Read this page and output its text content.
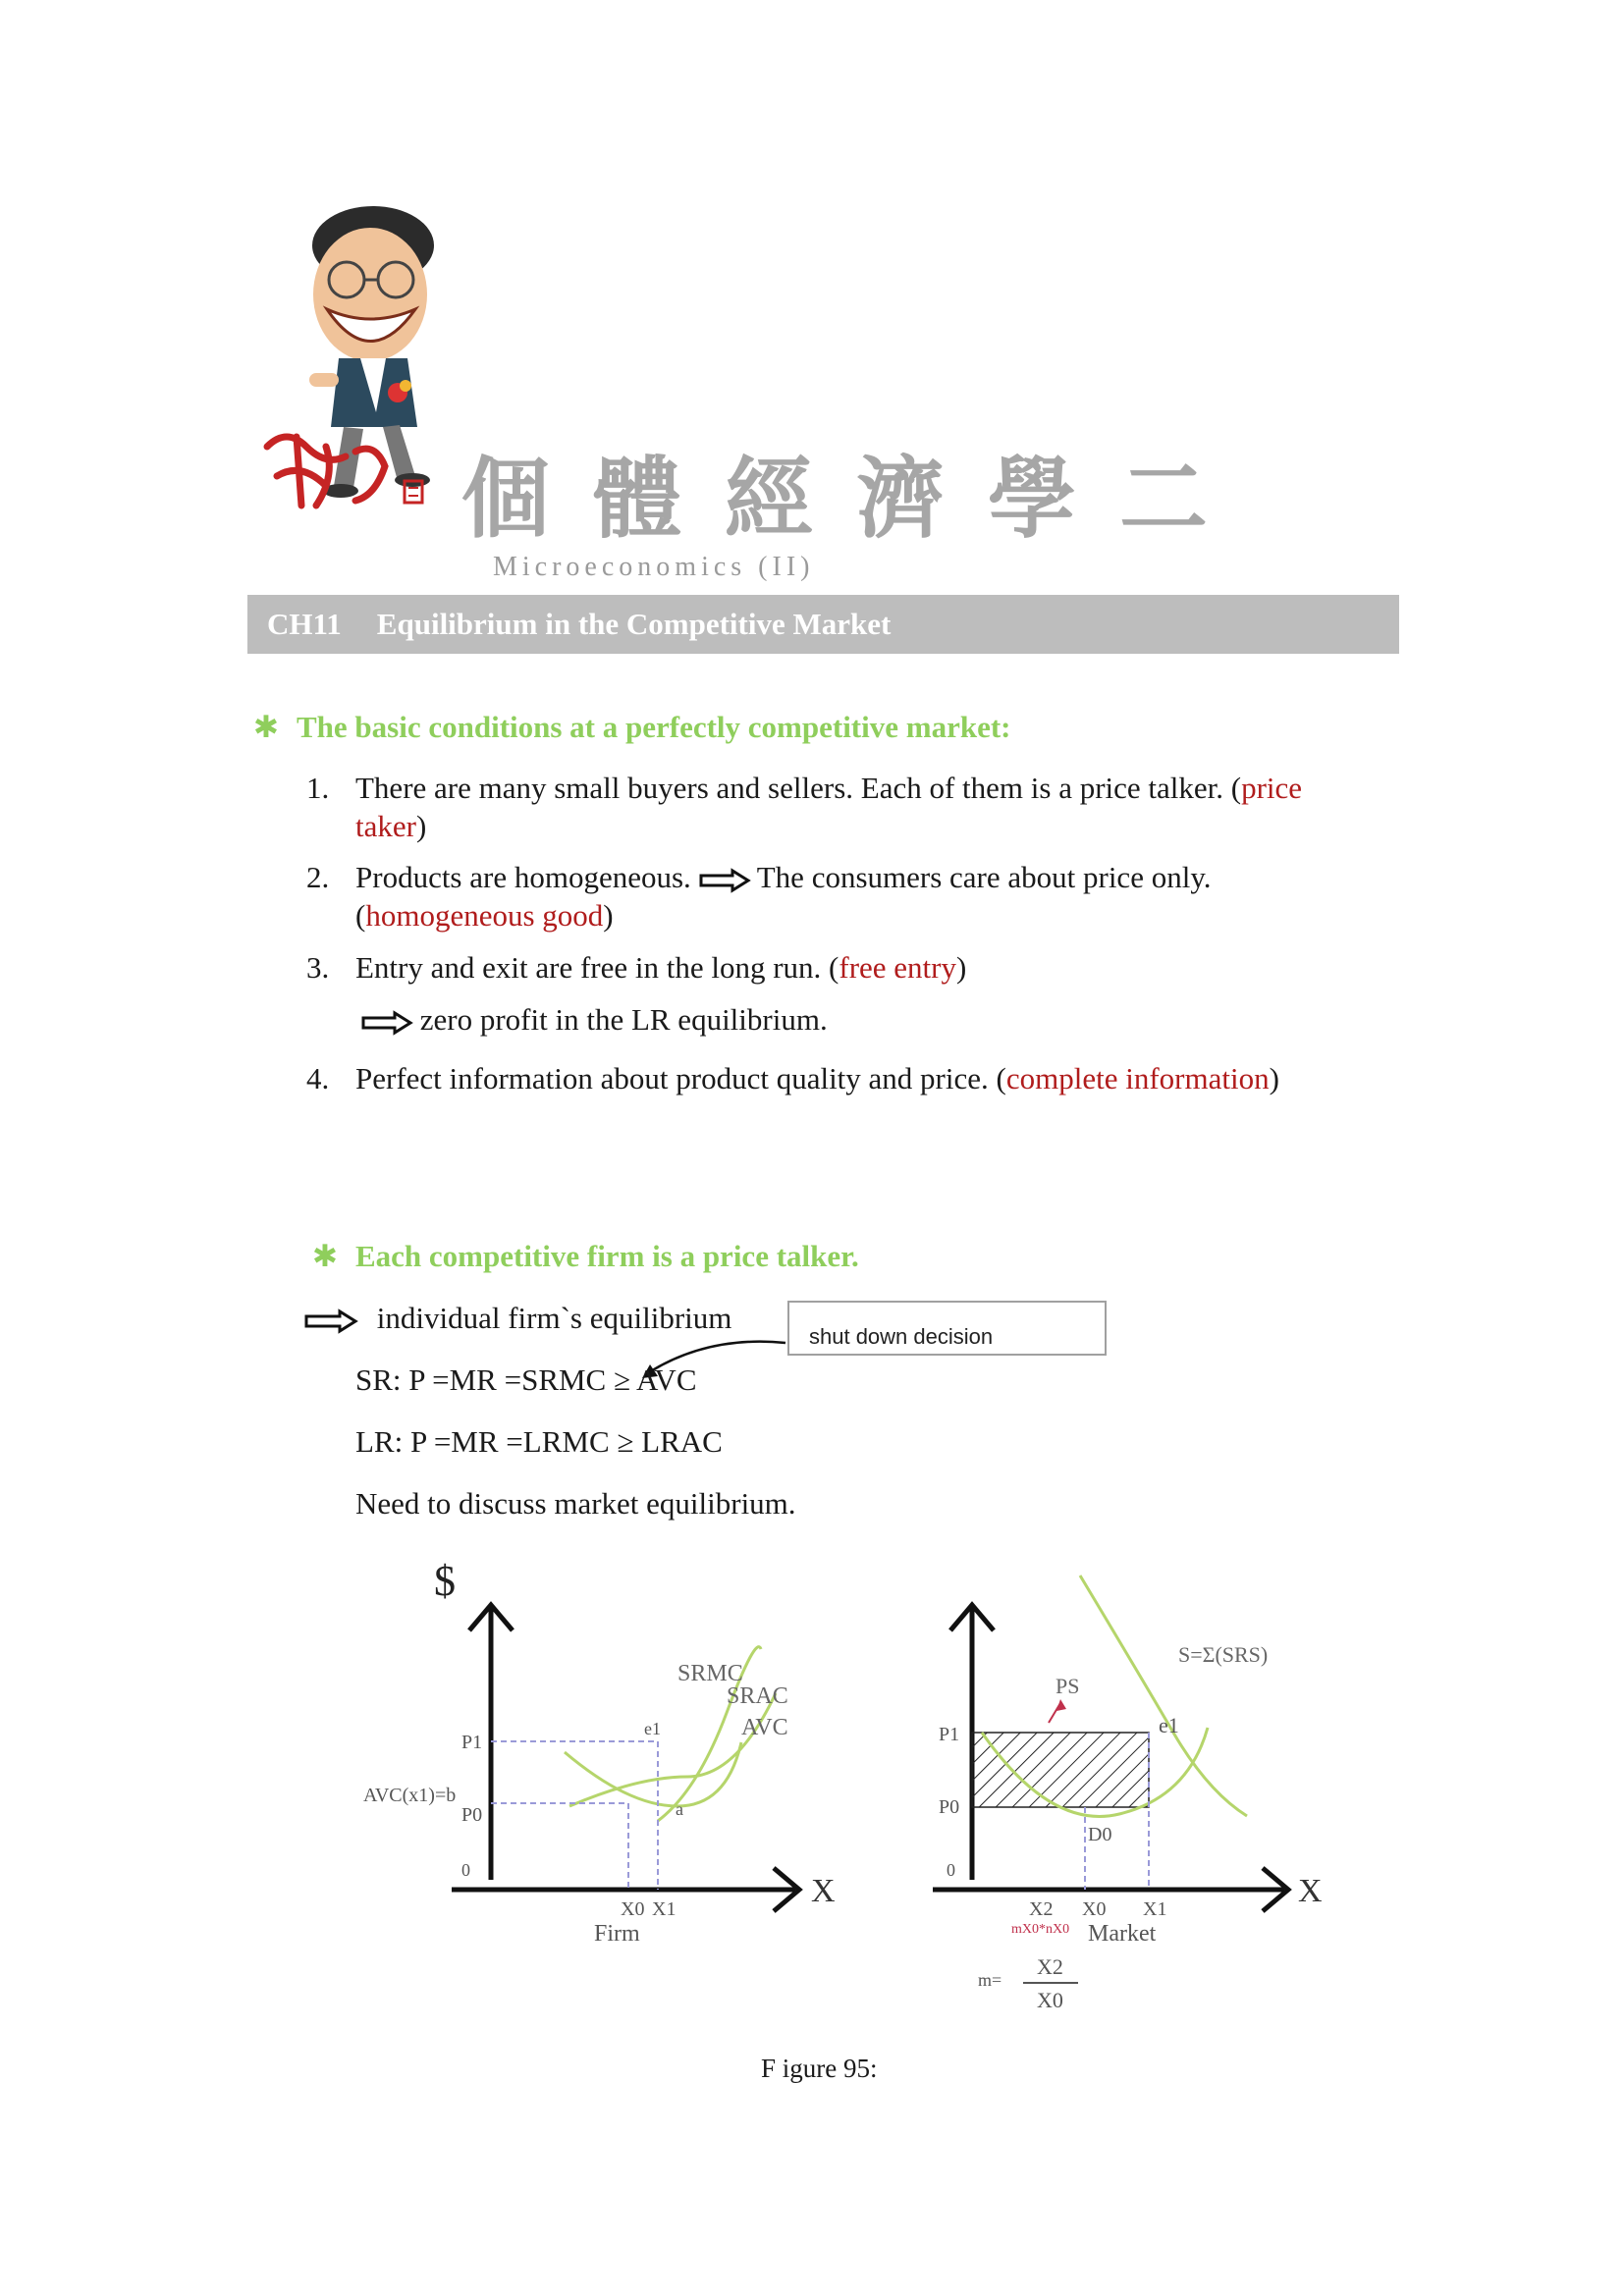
個體經濟學二
Microeconomics (II)
CH11 Equilibrium in the Competitive Market
✱ The basic conditions at a perfectly competitive market:
1. There are many small buyers and sellers. Each of them is a price talker. (price
taker)
2. Products are homogeneous. The consumers care about price only.
(homogeneous good)
3. Entry and exit are free in the long run. (free entry)
zero profit in the LR equilibrium.
4. Perfect information about product quality and price. (complete information)
✱ Each competitive firm is a price talker.
individual firm`s equilibrium
shut down decision
SR: P =MR =SRMC ≥ AVC
LR: P =MR =LRMC ≥ LRAC
Need to discuss market equilibrium.
$
X
SRMC
SRAC
AVC
e1
a
P1
AVC(x1)=b
P0
0
X0 X1
Firm
X
S=Σ(SRS)
PS
e1
P1
P0
D0
0
X2 X0 X1
mX0*nX0 Market
m=
X2
X0
F igure 95:
